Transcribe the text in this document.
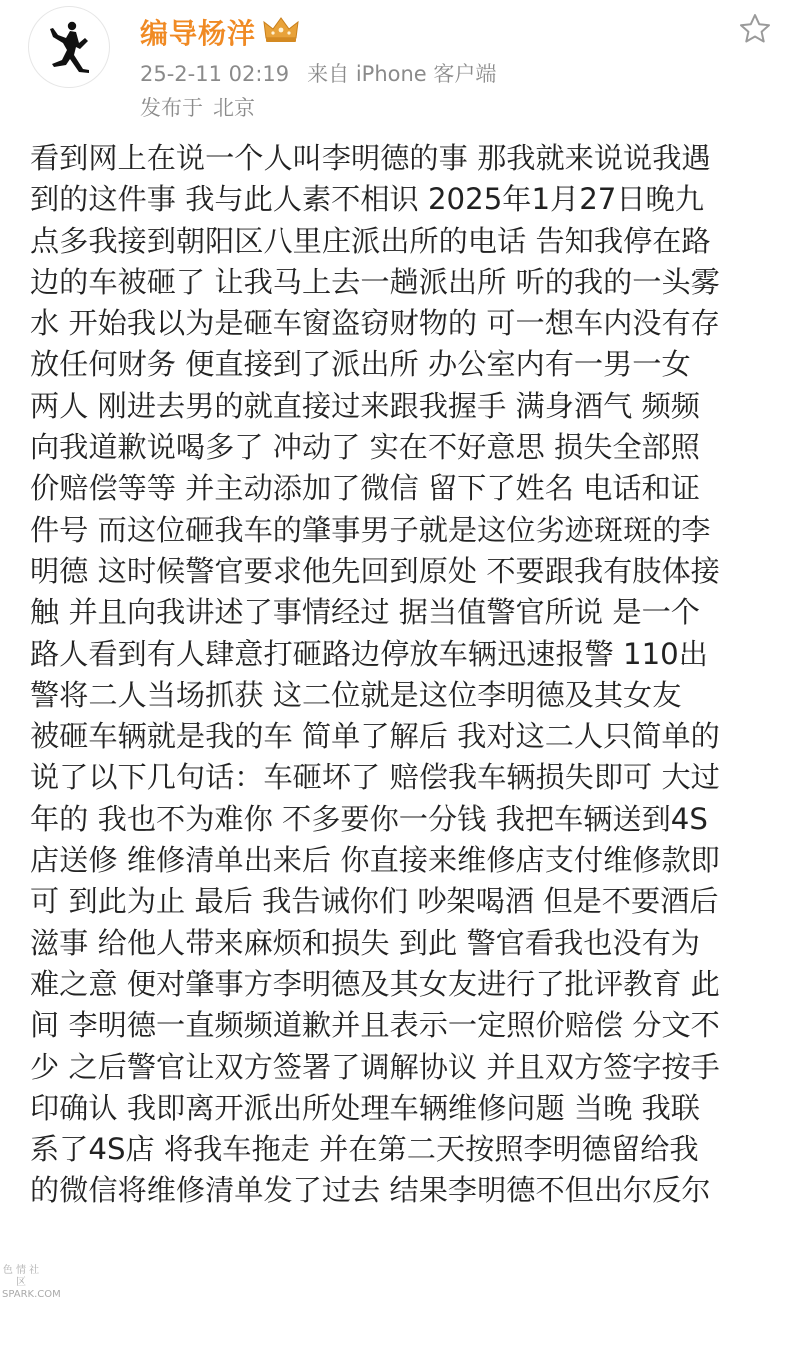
编导杨洋
25-2-11 02:19 来自 iPhone 客户端
发布于 北京
看到网上在说一个人叫李明德的事 那我就来说说我遇
到的这件事 我与此人素不相识 2025年1月27日晚九
点多我接到朝阳区八里庄派出所的电话 告知我停在路
边的车被砸了 让我马上去一趟派出所 听的我的一头雾
水 开始我以为是砸车窗盗窃财物的 可一想车内没有存
放任何财务 便直接到了派出所 办公室内有一男一女
两人 刚进去男的就直接过来跟我握手 满身酒气 频频
向我道歉说喝多了 冲动了 实在不好意思 损失全部照
价赔偿等等 并主动添加了微信 留下了姓名 电话和证
件号 而这位砸我车的肇事男子就是这位劣迹斑斑的李
明德 这时候警官要求他先回到原处 不要跟我有肢体接
触 并且向我讲述了事情经过 据当值警官所说 是一个
路人看到有人肆意打砸路边停放车辆迅速报警 110出
警将二人当场抓获 这二位就是这位李明德及其女友
被砸车辆就是我的车 简单了解后 我对这二人只简单的
说了以下几句话：车砸坏了 赔偿我车辆损失即可 大过
年的 我也不为难你 不多要你一分钱 我把车辆送到4S
店送修 维修清单出来后 你直接来维修店支付维修款即
可 到此为止 最后 我告诫你们 吵架喝酒 但是不要酒后
滋事 给他人带来麻烦和损失 到此 警官看我也没有为
难之意 便对肇事方李明德及其女友进行了批评教育 此
间 李明德一直频频道歉并且表示一定照价赔偿 分文不
少 之后警官让双方签署了调解协议 并且双方签字按手
印确认 我即离开派出所处理车辆维修问题 当晚 我联
系了4S店 将我车拖走 并在第二天按照李明德留给我
的微信将维修清单发了过去 结果李明德不但出尔反尔
色 情 社 区
SPARK.COM
